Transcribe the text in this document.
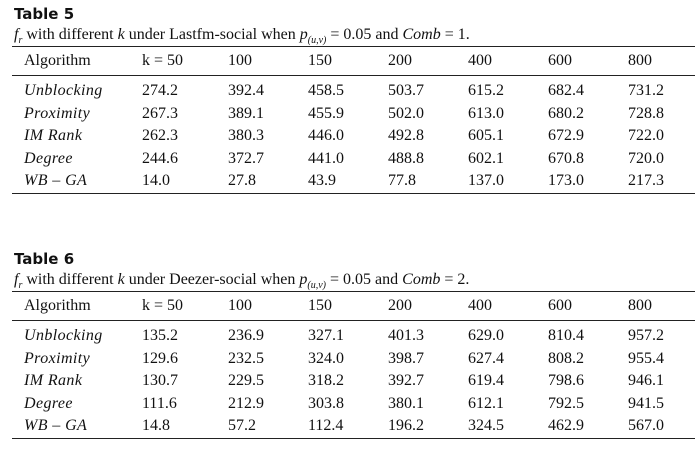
Table 5
$f_r$ with different k under Lastfm-social when $p_{(u,v)} = 0.05$ and Comb = 1.
Algorithm	k = 50	100	150	200	400	600	800
Unblocking	274.2	392.4	458.5	503.7	615.2	682.4	731.2
Proximity	267.3	389.1	455.9	502.0	613.0	680.2	728.8
IM Rank	262.3	380.3	446.0	492.8	605.1	672.9	722.0
Degree	244.6	372.7	441.0	488.8	602.1	670.8	720.0
WB – GA	14.0	27.8	43.9	77.8	137.0	173.0	217.3
Table 6
$f_r$ with different k under Deezer-social when $p_{(u,v)} = 0.05$ and Comb = 2.
Algorithm	k = 50	100	150	200	400	600	800
Unblocking	135.2	236.9	327.1	401.3	629.0	810.4	957.2
Proximity	129.6	232.5	324.0	398.7	627.4	808.2	955.4
IM Rank	130.7	229.5	318.2	392.7	619.4	798.6	946.1
Degree	111.6	212.9	303.8	380.1	612.1	792.5	941.5
WB – GA	14.8	57.2	112.4	196.2	324.5	462.9	567.0
